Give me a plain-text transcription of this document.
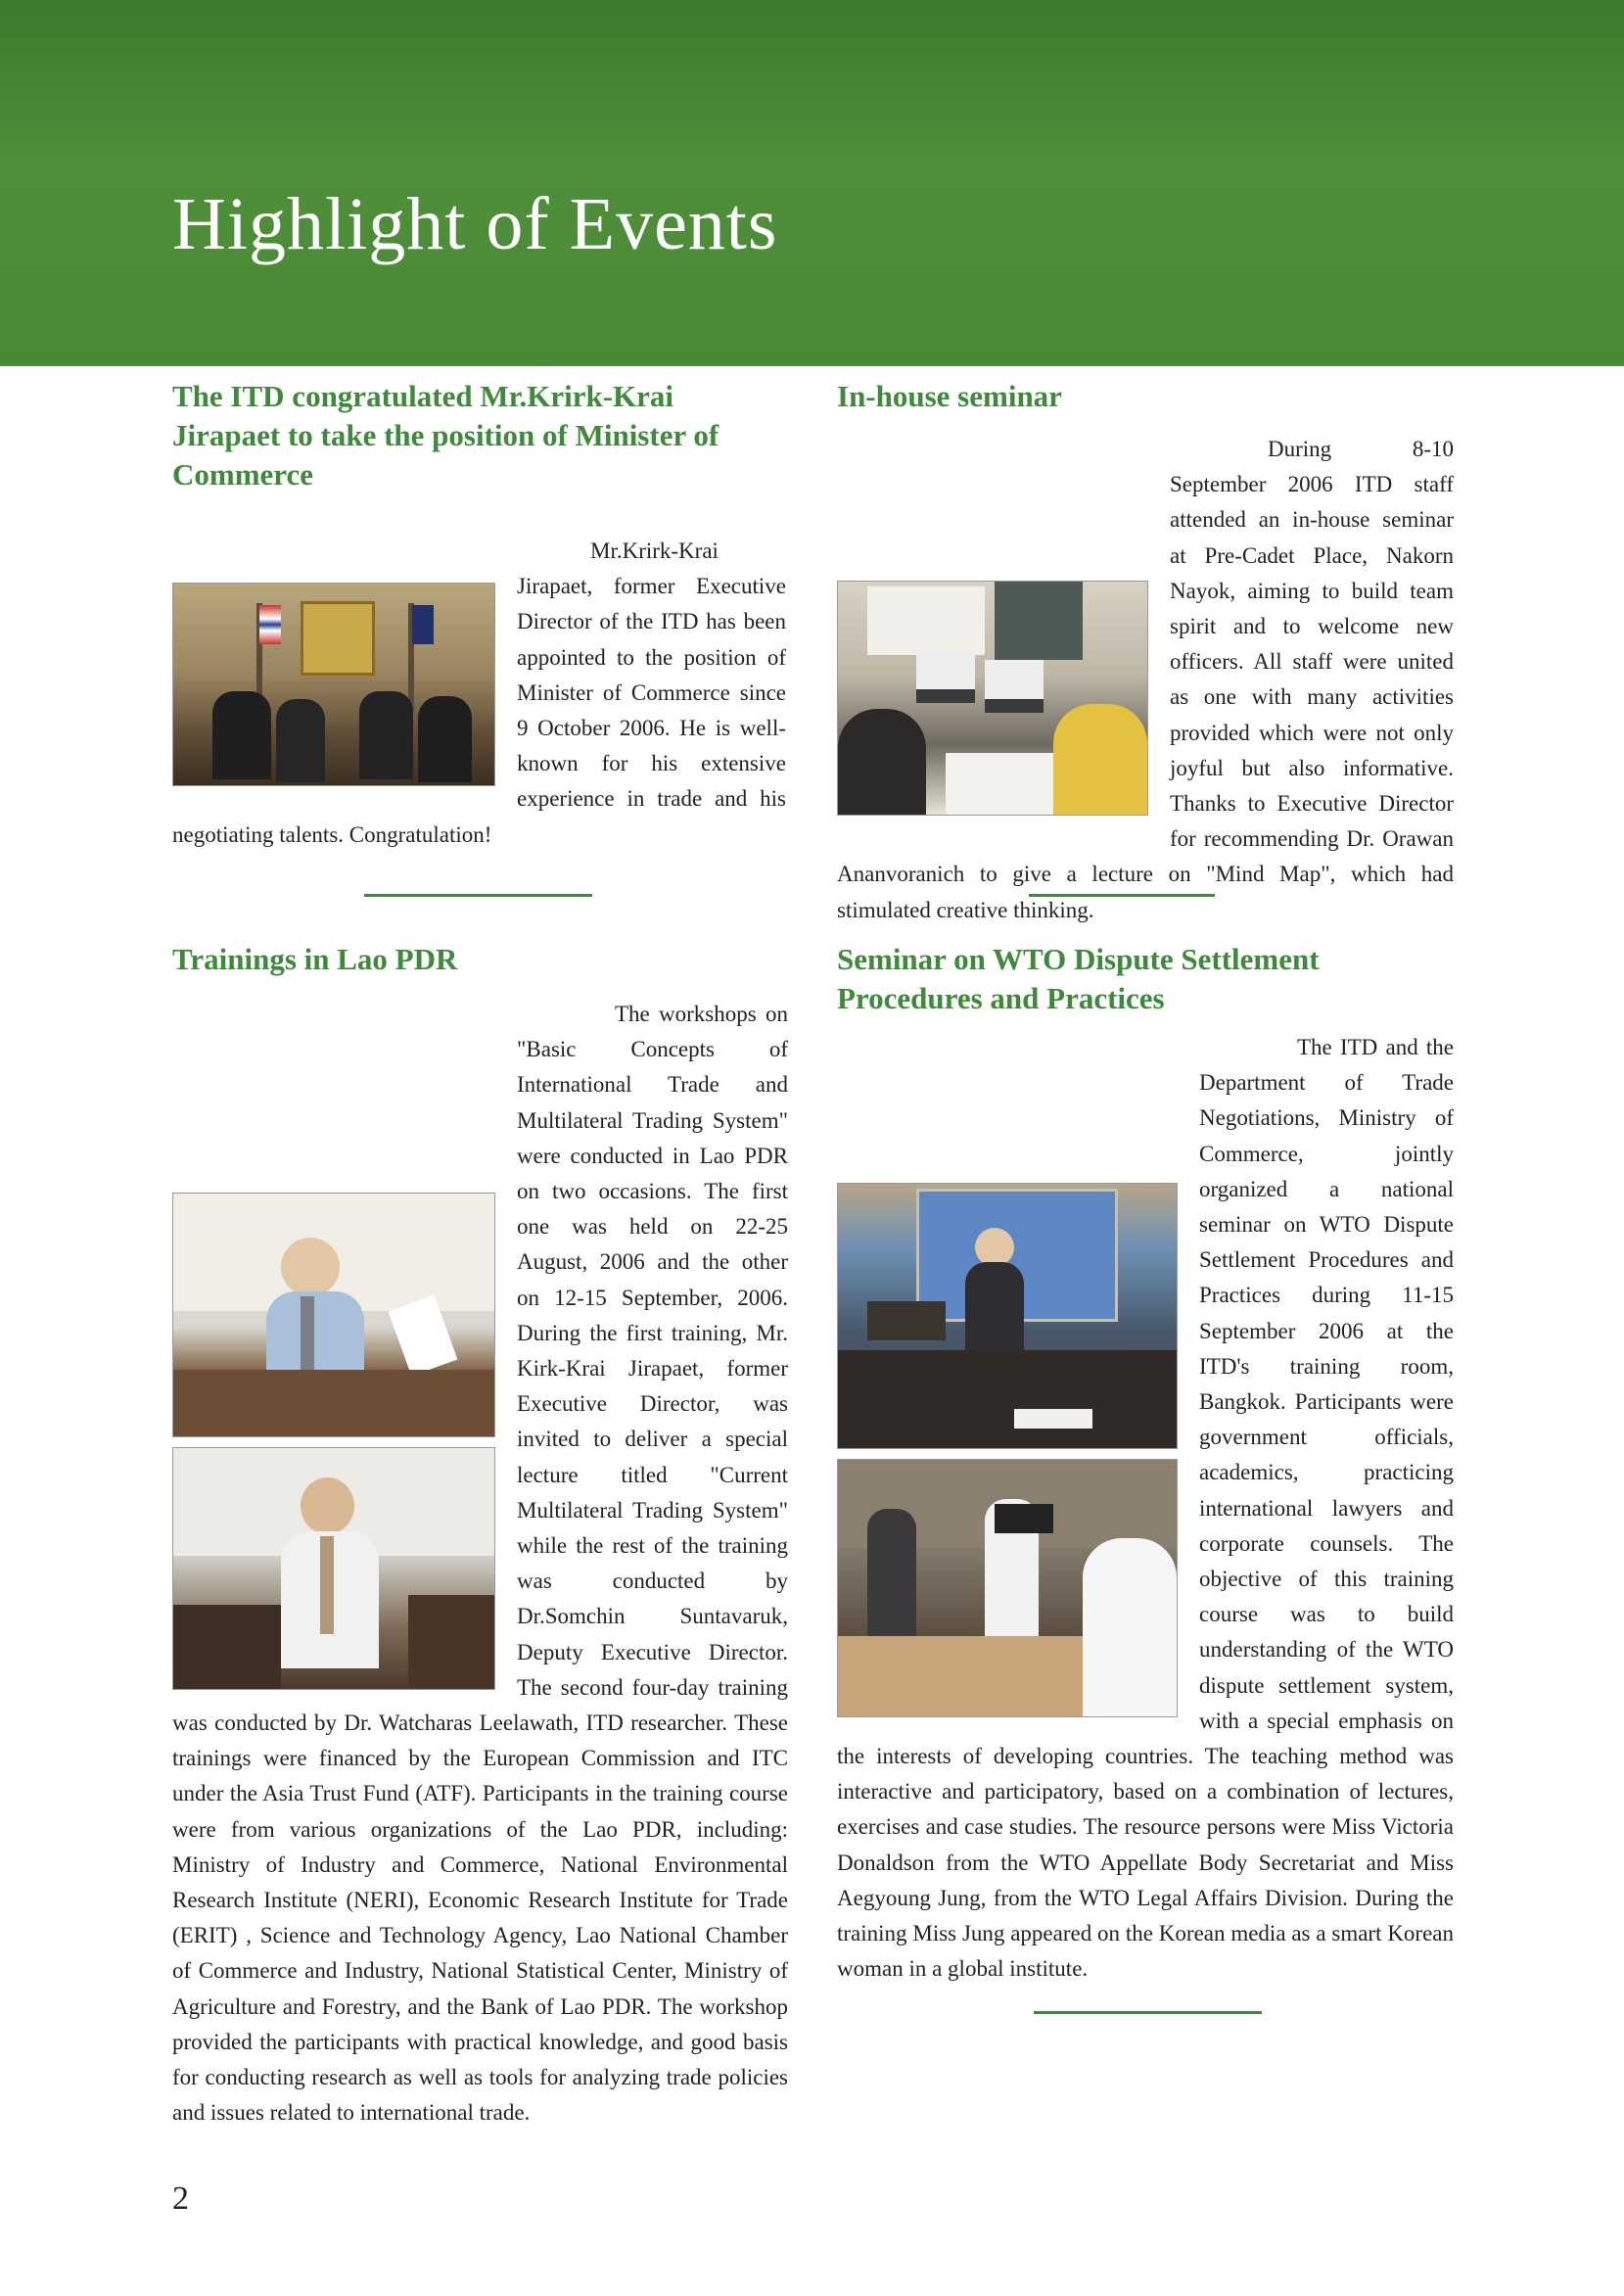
Highlight of Events
The ITD congratulated Mr.Krirk-Krai Jirapaet to take the position of Minister of Commerce

Mr.Krirk-Krai Jirapaet, former Executive Director of the ITD has been appointed to the position of Minister of Commerce since 9 October 2006. He is well-known for his extensive experience in trade and his negotiating talents. Congratulation!

In-house seminar

During 8-10 September 2006 ITD staff attended an in-house seminar at Pre-Cadet Place, Nakorn Nayok, aiming to build team spirit and to welcome new officers. All staff were united as one with many activities provided which were not only joyful but also informative. Thanks to Executive Director for recommending Dr. Orawan Ananvoranich to give a lecture on "Mind Map", which had stimulated creative thinking.

Trainings in Lao PDR

The workshops on "Basic Concepts of International Trade and Multilateral Trading System" were conducted in Lao PDR on two occasions. The first one was held on 22-25 August, 2006 and the other on 12-15 September, 2006. During the first training, Mr. Kirk-Krai Jirapaet, former Executive Director, was invited to deliver a special lecture titled "Current Multilateral Trading System" while the rest of the training was conducted by Dr.Somchin Suntavaruk, Deputy Executive Director. The second four-day training was conducted by Dr. Watcharas Leelawath, ITD researcher. These trainings were financed by the European Commission and ITC under the Asia Trust Fund (ATF). Participants in the training course were from various organizations of the Lao PDR, including: Ministry of Industry and Commerce, National Environmental Research Institute (NERI), Economic Research Institute for Trade (ERIT) , Science and Technology Agency, Lao National Chamber of Commerce and Industry, National Statistical Center, Ministry of Agriculture and Forestry, and the Bank of Lao PDR. The workshop provided the participants with practical knowledge, and good basis for conducting research as well as tools for analyzing trade policies and issues related to international trade.

Seminar on WTO Dispute Settlement Procedures and Practices

The ITD and the Department of Trade Negotiations, Ministry of Commerce, jointly organized a national seminar on WTO Dispute Settlement Procedures and Practices during 11-15 September 2006 at the ITD's training room, Bangkok. Participants were government officials, academics, practicing international lawyers and corporate counsels. The objective of this training course was to build understanding of the WTO dispute settlement system, with a special emphasis on the interests of developing countries. The teaching method was interactive and participatory, based on a combination of lectures, exercises and case studies. The resource persons were Miss Victoria Donaldson from the WTO Appellate Body Secretariat and Miss Aegyoung Jung, from the WTO Legal Affairs Division. During the training Miss Jung appeared on the Korean media as a smart Korean woman in a global institute.

2
